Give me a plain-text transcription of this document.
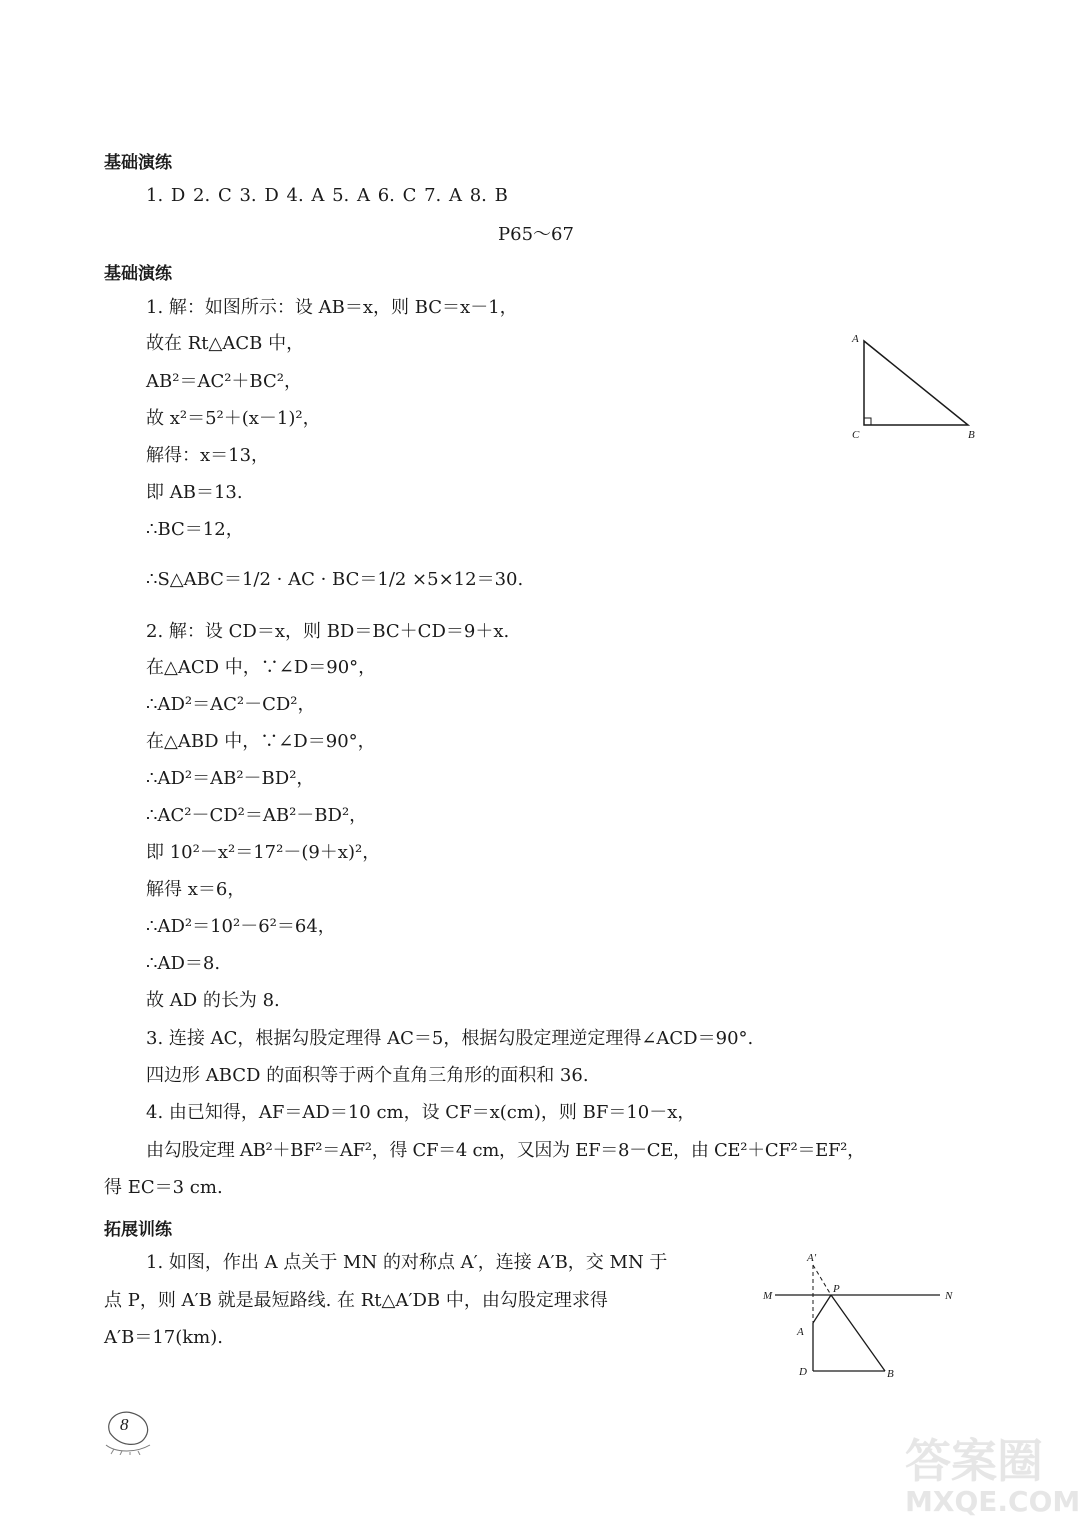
基础演练
1. D 2. C 3. D 4. A 5. A 6. C 7. A 8. B
P65～67
基础演练
1. 解：如图所示：设 AB＝x，则 BC＝x－1，
故在 Rt△ACB 中，
AB²＝AC²＋BC²，
故 x²＝5²＋(x－1)²，
解得：x＝13，
即 AB＝13.
∴BC＝12，
∴S△ABC＝1/2 · AC · BC＝1/2 ×5×12＝30.
A
C	B
2. 解：设 CD＝x，则 BD＝BC＋CD＝9＋x.
在△ACD 中，∵∠D＝90°，
∴AD²＝AC²－CD²，
在△ABD 中，∵∠D＝90°，
∴AD²＝AB²－BD²，
∴AC²－CD²＝AB²－BD²，
即 10²－x²＝17²－(9＋x)²，
解得 x＝6，
∴AD²＝10²－6²＝64，
∴AD＝8.
故 AD 的长为 8.
3. 连接 AC，根据勾股定理得 AC＝5，根据勾股定理逆定理得∠ACD＝90°.
四边形 ABCD 的面积等于两个直角三角形的面积和 36.
4. 由已知得，AF＝AD＝10 cm，设 CF＝x(cm)，则 BF＝10－x，
由勾股定理 AB²＋BF²＝AF²，得 CF＝4 cm，又因为 EF＝8－CE，由 CE²＋CF²＝EF²，
得 EC＝3 cm.
拓展训练
1. 如图，作出 A 点关于 MN 的对称点 A′，连接 A′B，交 MN 于
点 P，则 A′B 就是最短路线. 在 Rt△A′DB 中，由勾股定理求得
A′B＝17(km).
A′
P
M	N
A
D	B
8
答案圈
MXQE.COM
